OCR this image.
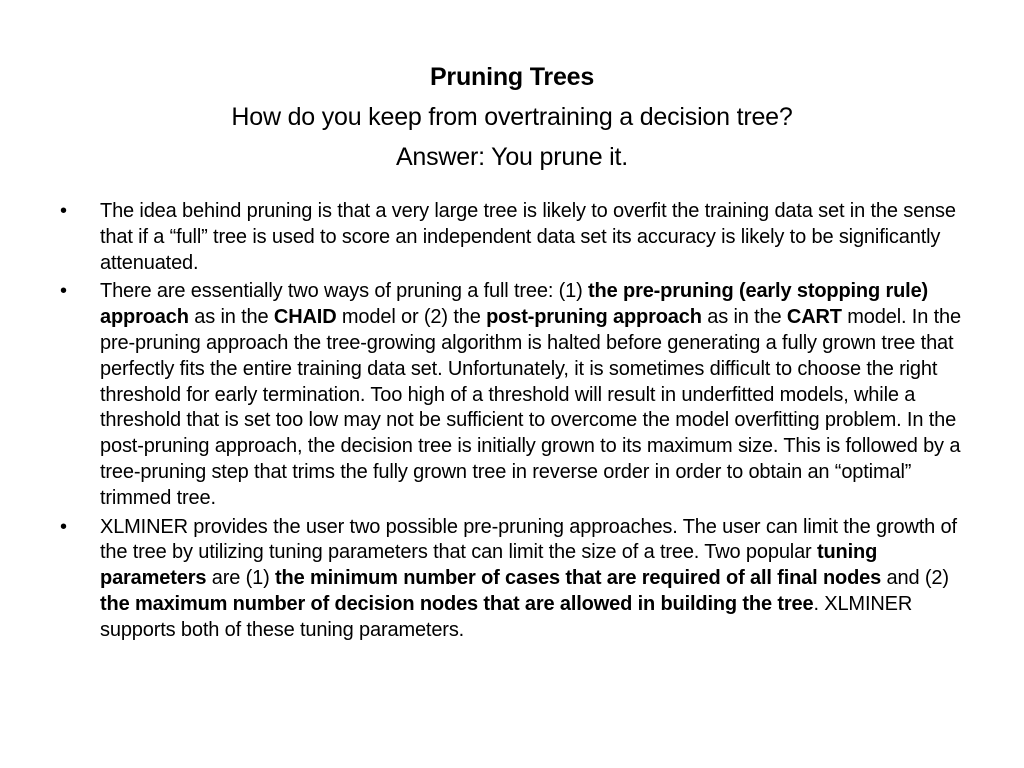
Pruning Trees
How do you keep from overtraining a decision tree?
Answer: You prune it.
•	The idea behind pruning is that a very large tree is likely to overfit the training data set in the sense that if a “full” tree is used to score an independent data set its accuracy is likely to be significantly attenuated.
•	There are essentially two ways of pruning a full tree: (1) the pre-pruning (early stopping rule) approach as in the CHAID model or (2) the post-pruning approach as in the CART model. In the pre-pruning approach the tree-growing algorithm is halted before generating a fully grown tree that perfectly fits the entire training data set. Unfortunately, it is sometimes difficult to choose the right threshold for early termination. Too high of a threshold will result in underfitted models, while a threshold that is set too low may not be sufficient to overcome the model overfitting problem. In the post-pruning approach, the decision tree is initially grown to its maximum size. This is followed by a tree-pruning step that trims the fully grown tree in reverse order in order to obtain an “optimal” trimmed tree.
•	XLMINER provides the user two possible pre-pruning approaches. The user can limit the growth of the tree by utilizing tuning parameters that can limit the size of a tree. Two popular tuning parameters are (1) the minimum number of cases that are required of all final nodes and (2) the maximum number of decision nodes that are allowed in building the tree. XLMINER supports both of these tuning parameters.
